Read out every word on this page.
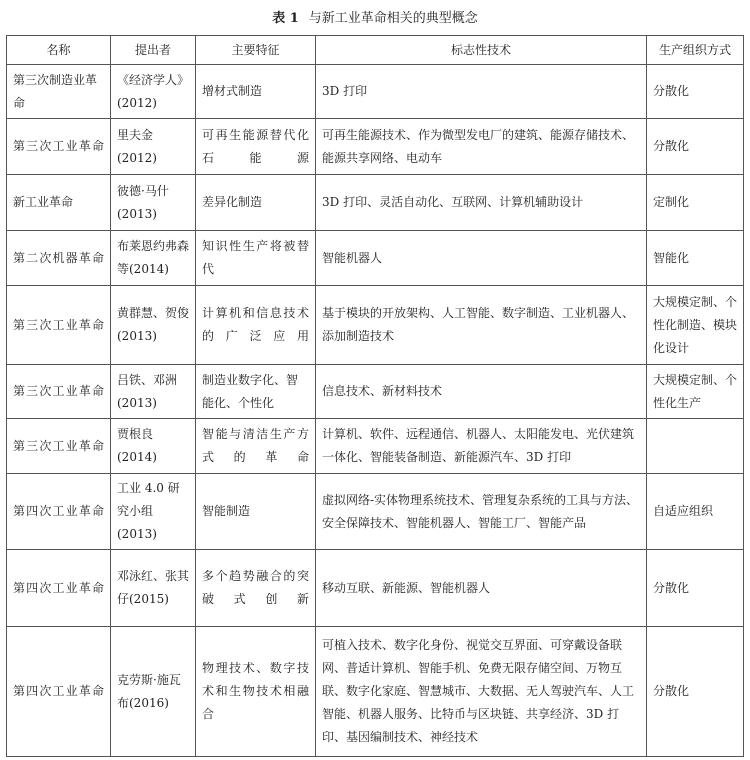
表 1 与新工业革命相关的典型概念
名称	提出者	主要特征	标志性技术	生产组织方式
第三次制造业革命	《经济学人》(2012)	增材式制造	3D 打印	分散化
第三次工业革命	里夫金(2012)	可再生能源替代化石能源	可再生能源技术、作为微型发电厂的建筑、能源存储技术、能源共享网络、电动车	分散化
新工业革命	彼德·马什(2013)	差异化制造	3D 打印、灵活自动化、互联网、计算机辅助设计	定制化
第二次机器革命	布莱恩约弗森等(2014)	知识性生产将被替代	智能机器人	智能化
第三次工业革命	黄群慧、贺俊(2013)	计算机和信息技术的广泛应用	基于模块的开放架构、人工智能、数字制造、工业机器人、添加制造技术	大规模定制、个性化制造、模块化设计
第三次工业革命	吕铁、邓洲(2013)	制造业数字化、智能化、个性化	信息技术、新材料技术	大规模定制、个性化生产
第三次工业革命	贾根良(2014)	智能与清洁生产方式的革命	计算机、软件、远程通信、机器人、太阳能发电、光伏建筑一体化、智能装备制造、新能源汽车、3D 打印	
第四次工业革命	工业 4.0 研究小组(2013)	智能制造	虚拟网络-实体物理系统技术、管理复杂系统的工具与方法、安全保障技术、智能机器人、智能工厂、智能产品	自适应组织
第四次工业革命	邓泳红、张其仔(2015)	多个趋势融合的突破式创新	移动互联、新能源、智能机器人	分散化
第四次工业革命	克劳斯·施瓦布(2016)	物理技术、数字技术和生物技术相融合	可植入技术、数字化身份、视觉交互界面、可穿戴设备联网、普适计算机、智能手机、免费无限存储空间、万物互联、数字化家庭、智慧城市、大数据、无人驾驶汽车、人工智能、机器人服务、比特币与区块链、共享经济、3D 打印、基因编制技术、神经技术	分散化
